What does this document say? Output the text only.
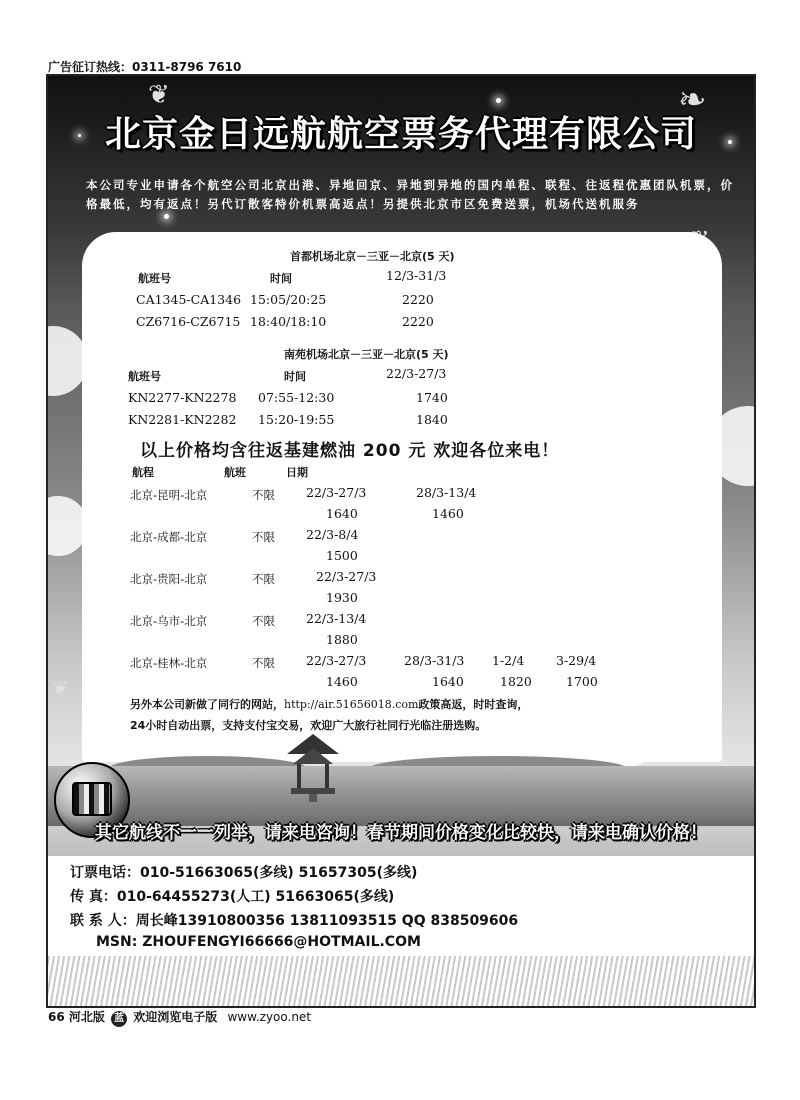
广告征订热线：0311-8796 7610
❦
❦
❧
北京金日远航航空票务代理有限公司
本公司专业申请各个航空公司北京出港、异地回京、异地到异地的国内单程、联程、往返程优惠团队机票，价格最低，均有返点！另代订散客特价机票高返点！另提供北京市区免费送票，机场代送机服务
首都机场北京－三亚－北京(5 天)
航班号	时间	12/3-31/3
CA1345-CA1346 15:05/20:25	2220
CZ6716-CZ6715 18:40/18:10	2220
南苑机场北京－三亚－北京(5 天)
航班号	时间	22/3-27/3
KN2277-KN2278 07:55-12:30	1740
KN2281-KN2282 15:20-19:55	1840
以上价格均含往返基建燃油 200 元 欢迎各位来电！
航程	航班	日期
北京-昆明-北京	不限 22/3-27/3	28/3-13/4
1640	1460
北京-成都-北京	不限 22/3-8/4
1500
北京-贵阳-北京	不限	22/3-27/3
1930
北京-乌市-北京	不限 22/3-13/4
1880
北京-桂林-北京	不限 22/3-27/3	28/3-31/3 1-2/4	3-29/4
1460	1640	1820	1700
另外本公司新做了同行的网站，http://air.51656018.com政策高返，时时查询，
24小时自动出票，支持支付宝交易，欢迎广大旅行社同行光临注册选购。
其它航线不一一列举，请来电咨询！春节期间价格变化比较快，请来电确认价格！
订票电话：010-51663065(多线) 51657305(多线)
传 真：010-64455273(人工) 51663065(多线)
联 系 人：周长峰13910800356 13811093515 QQ 838509606
MSN: ZHOUFENGYI66666@HOTMAIL.COM
66 河北版 蓝 欢迎浏览电子版 www.zyoo.net
